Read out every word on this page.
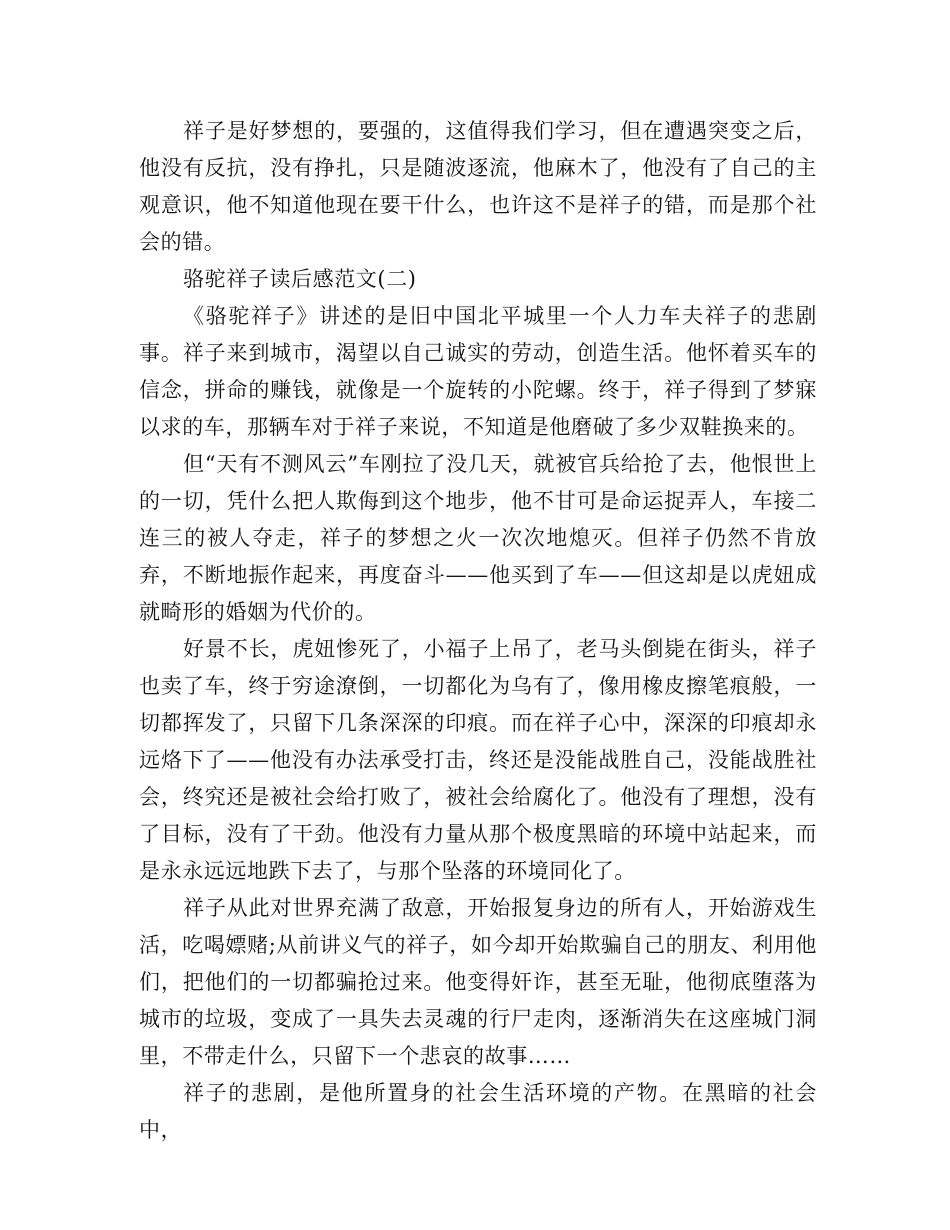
祥子是好梦想的，要强的，这值得我们学习，但在遭遇突变之后，他没有反抗，没有挣扎，只是随波逐流，他麻木了，他没有了自己的主观意识，他不知道他现在要干什么，也许这不是祥子的错，而是那个社会的错。

骆驼祥子读后感范文(二)

《骆驼祥子》讲述的是旧中国北平城里一个人力车夫祥子的悲剧事。祥子来到城市，渴望以自己诚实的劳动，创造生活。他怀着买车的信念，拼命的赚钱，就像是一个旋转的小陀螺。终于，祥子得到了梦寐以求的车，那辆车对于祥子来说，不知道是他磨破了多少双鞋换来的。

但“天有不测风云”车刚拉了没几天，就被官兵给抢了去，他恨世上的一切，凭什么把人欺侮到这个地步，他不甘可是命运捉弄人，车接二连三的被人夺走，祥子的梦想之火一次次地熄灭。但祥子仍然不肯放弃，不断地振作起来，再度奋斗——他买到了车——但这却是以虎妞成就畸形的婚姻为代价的。

好景不长，虎妞惨死了，小福子上吊了，老马头倒毙在街头，祥子也卖了车，终于穷途潦倒，一切都化为乌有了，像用橡皮擦笔痕般，一切都挥发了，只留下几条深深的印痕。而在祥子心中，深深的印痕却永远烙下了——他没有办法承受打击，终还是没能战胜自己，没能战胜社会，终究还是被社会给打败了，被社会给腐化了。他没有了理想，没有了目标，没有了干劲。他没有力量从那个极度黑暗的环境中站起来，而是永永远远地跌下去了，与那个坠落的环境同化了。

祥子从此对世界充满了敌意，开始报复身边的所有人，开始游戏生活，吃喝嫖赌;从前讲义气的祥子，如今却开始欺骗自己的朋友、利用他们，把他们的一切都骗抢过来。他变得奸诈，甚至无耻，他彻底堕落为城市的垃圾，变成了一具失去灵魂的行尸走肉，逐渐消失在这座城门洞里，不带走什么，只留下一个悲哀的故事……

祥子的悲剧，是他所置身的社会生活环境的产物。在黑暗的社会中，
